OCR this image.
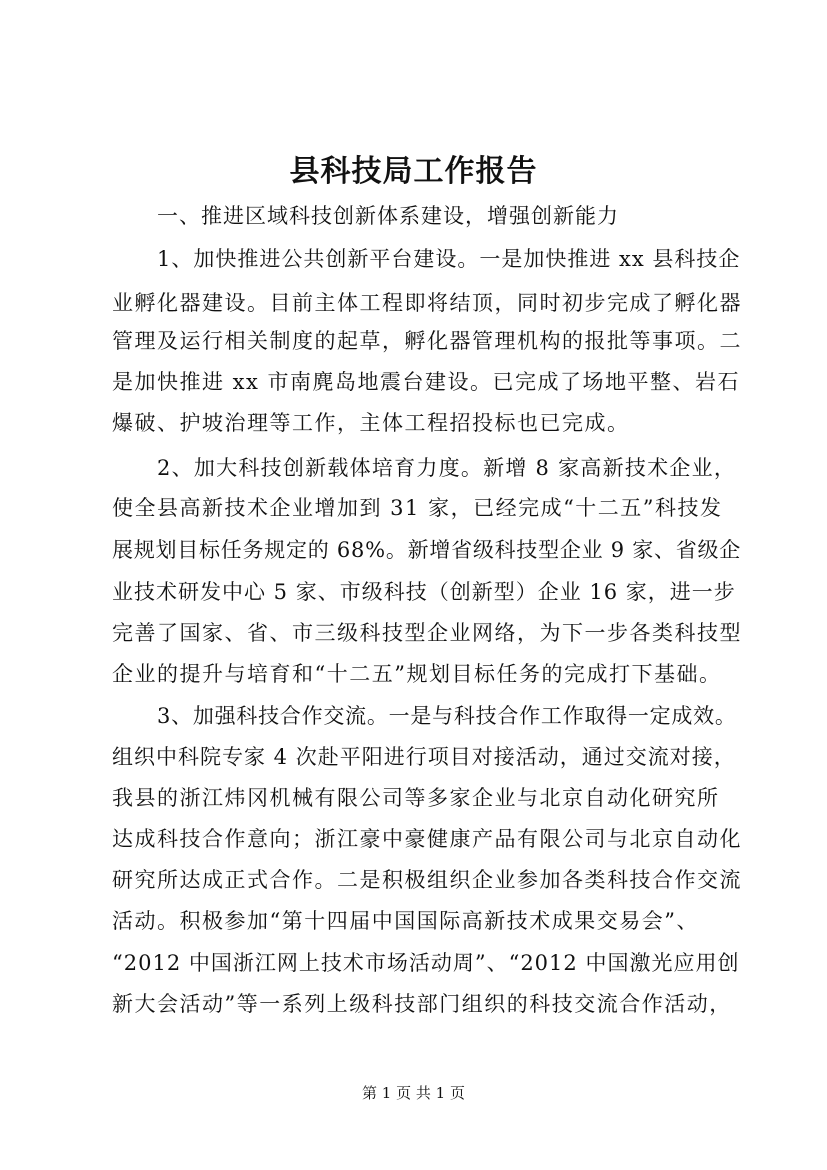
县科技局工作报告
一、推进区域科技创新体系建设，增强创新能力
1、加快推进公共创新平台建设。一是加快推进 xx 县科技企
业孵化器建设。目前主体工程即将结顶，同时初步完成了孵化器
管理及运行相关制度的起草，孵化器管理机构的报批等事项。二
是加快推进 xx 市南麂岛地震台建设。已完成了场地平整、岩石
爆破、护坡治理等工作，主体工程招投标也已完成。
2、加大科技创新载体培育力度。新增 8 家高新技术企业，
使全县高新技术企业增加到 31 家，已经完成“十二五”科技发
展规划目标任务规定的 68%。新增省级科技型企业 9 家、省级企
业技术研发中心 5 家、市级科技（创新型）企业 16 家，进一步
完善了国家、省、市三级科技型企业网络，为下一步各类科技型
企业的提升与培育和“十二五”规划目标任务的完成打下基础。
3、加强科技合作交流。一是与科技合作工作取得一定成效。
组织中科院专家 4 次赴平阳进行项目对接活动，通过交流对接，
我县的浙江炜冈机械有限公司等多家企业与北京自动化研究所
达成科技合作意向；浙江豪中豪健康产品有限公司与北京自动化
研究所达成正式合作。二是积极组织企业参加各类科技合作交流
活动。积极参加“第十四届中国国际高新技术成果交易会”、
“2012 中国浙江网上技术市场活动周”、“2012 中国激光应用创
新大会活动”等一系列上级科技部门组织的科技交流合作活动，
第 1 页 共 1 页
